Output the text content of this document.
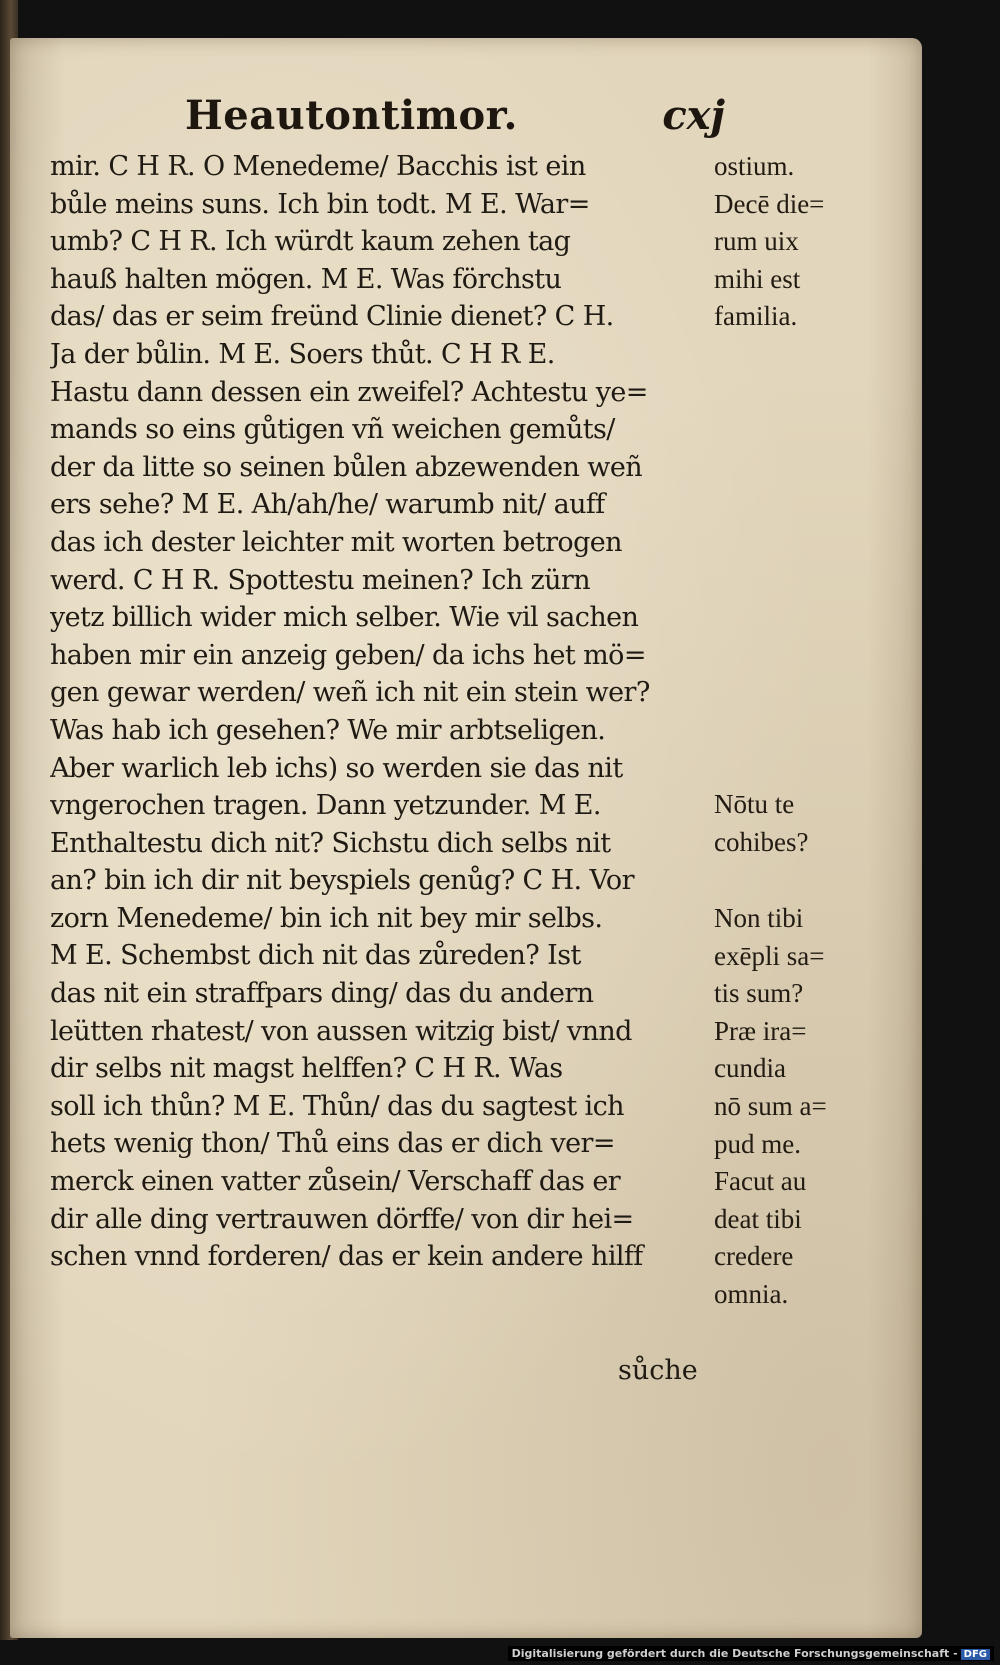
Heautontimor.	cxj
mir. C H R. O Menedeme/ Bacchis ist ein
bůle meins suns. Ich bin todt. M E. War=
umb? C H R. Ich würdt kaum zehen tag
hauß halten mögen. M E. Was förchstu
das/ das er seim freünd Clinie dienet? C H.
Ja der bůlin. M E. Soers thůt. C H R E.
Hastu dann dessen ein zweifel? Achtestu ye=
mands so eins gůtigen vñ weichen gemůts/
der da litte so seinen bůlen abzewenden weñ
ers sehe? M E. Ah/ah/he/ warumb nit/ auff
das ich dester leichter mit worten betrogen
werd. C H R. Spottestu meinen? Ich zürn
yetz billich wider mich selber. Wie vil sachen
haben mir ein anzeig geben/ da ichs het mö=
gen gewar werden/ weñ ich nit ein stein wer?
Was hab ich gesehen? We mir arbtseligen.
Aber warlich leb ichs) so werden sie das nit
vngerochen tragen. Dann yetzunder. M E.
Enthaltestu dich nit? Sichstu dich selbs nit
an? bin ich dir nit beyspiels genůg? C H. Vor
zorn Menedeme/ bin ich nit bey mir selbs.
M E. Schembst dich nit das zůreden? Ist
das nit ein straffpars ding/ das du andern
leütten rhatest/ von aussen witzig bist/ vnnd
dir selbs nit magst helffen? C H R. Was
soll ich thůn? M E. Thůn/ das du sagtest ich
hets wenig thon/ Thů eins das er dich ver=
merck einen vatter zůsein/ Verschaff das er
dir alle ding vertrauwen dörffe/ von dir hei=
schen vnnd forderen/ das er kein andere hilff
sůche
ostium.
Decē die=
rum uix
mihi est
familia.
Nōtu te
cohibes?
Non tibi
exēpli sa=
tis sum?
Præ ira=
cundia
nō sum a=
pud me.
Facut au
deat tibi
credere
omnia.
Digitalisierung gefördert durch die Deutsche Forschungsgemeinschaft - DFG
